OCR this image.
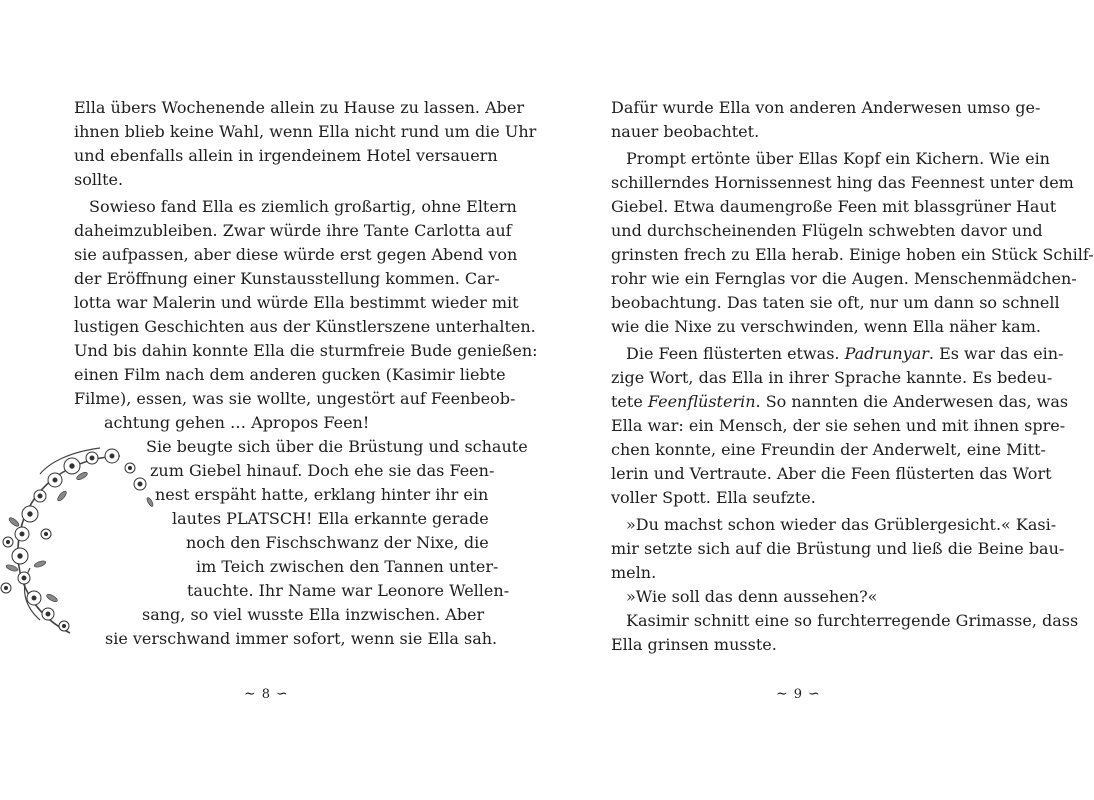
Ella übers Wochenende allein zu Hause zu lassen. Aber
ihnen blieb keine Wahl, wenn Ella nicht rund um die Uhr
und ebenfalls allein in irgendeinem Hotel versauern
sollte.
Sowieso fand Ella es ziemlich großartig, ohne Eltern
daheimzubleiben. Zwar würde ihre Tante Carlotta auf
sie aufpassen, aber diese würde erst gegen Abend von
der Eröffnung einer Kunstausstellung kommen. Car-
lotta war Malerin und würde Ella bestimmt wieder mit
lustigen Geschichten aus der Künstlerszene unterhalten.
Und bis dahin konnte Ella die sturmfreie Bude genießen:
einen Film nach dem anderen gucken (Kasimir liebte
Filme), essen, was sie wollte, ungestört auf Feenbeob-
achtung gehen … Apropos Feen!
Sie beugte sich über die Brüstung und schaute
zum Giebel hinauf. Doch ehe sie das Feen-
nest erspäht hatte, erklang hinter ihr ein
lautes PLATSCH! Ella erkannte gerade
noch den Fischschwanz der Nixe, die
im Teich zwischen den Tannen unter-
tauchte. Ihr Name war Leonore Wellen-
sang, so viel wusste Ella inzwischen. Aber
sie verschwand immer sofort, wenn sie Ella sah.
∼ 8 ∽
Dafür wurde Ella von anderen Anderwesen umso ge-
nauer beobachtet.
Prompt ertönte über Ellas Kopf ein Kichern. Wie ein
schillerndes Hornissennest hing das Feennest unter dem
Giebel. Etwa daumengroße Feen mit blassgrüner Haut
und durchscheinenden Flügeln schwebten davor und
grinsten frech zu Ella herab. Einige hoben ein Stück Schilf-
rohr wie ein Fernglas vor die Augen. Menschenmädchen-
beobachtung. Das taten sie oft, nur um dann so schnell
wie die Nixe zu verschwinden, wenn Ella näher kam.
Die Feen flüsterten etwas. Padrunyar. Es war das ein-
zige Wort, das Ella in ihrer Sprache kannte. Es bedeu-
tete Feenflüsterin. So nannten die Anderwesen das, was
Ella war: ein Mensch, der sie sehen und mit ihnen spre-
chen konnte, eine Freundin der Anderwelt, eine Mitt-
lerin und Vertraute. Aber die Feen flüsterten das Wort
voller Spott. Ella seufzte.
»Du machst schon wieder das Grüblergesicht.« Kasi-
mir setzte sich auf die Brüstung und ließ die Beine bau-
meln.
»Wie soll das denn aussehen?«
Kasimir schnitt eine so furchterregende Grimasse, dass
Ella grinsen musste.
∼ 9 ∽
